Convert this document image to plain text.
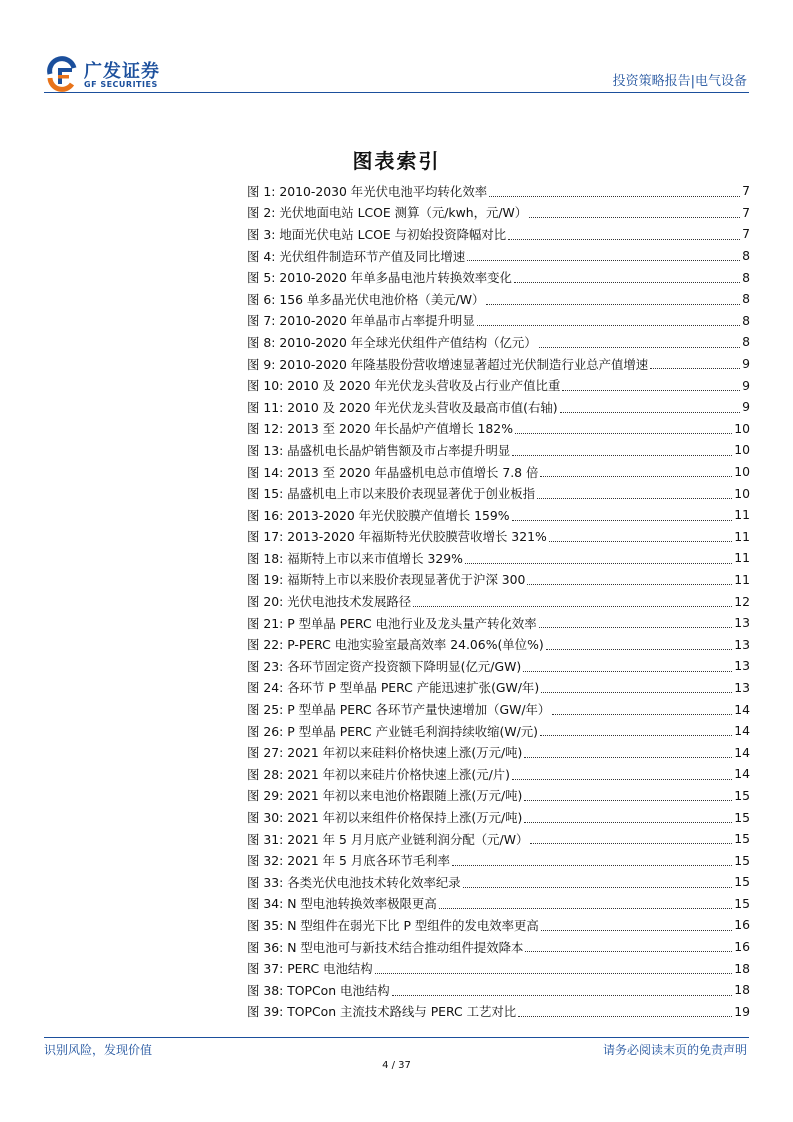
广发证券
GF SECURITIES	投资策略报告|电气设备
图表索引
图 1: 2010-2030 年光伏电池平均转化效率	7
图 2: 光伏地面电站 LCOE 测算（元/kwh，元/W）	7
图 3: 地面光伏电站 LCOE 与初始投资降幅对比	7
图 4: 光伏组件制造环节产值及同比增速	8
图 5: 2010-2020 年单多晶电池片转换效率变化	8
图 6: 156 单多晶光伏电池价格（美元/W）	8
图 7: 2010-2020 年单晶市占率提升明显	8
图 8: 2010-2020 年全球光伏组件产值结构（亿元）	8
图 9: 2010-2020 年隆基股份营收增速显著超过光伏制造行业总产值增速	9
图 10: 2010 及 2020 年光伏龙头营收及占行业产值比重	9
图 11: 2010 及 2020 年光伏龙头营收及最高市值(右轴)	9
图 12: 2013 至 2020 年长晶炉产值增长 182%	10
图 13: 晶盛机电长晶炉销售额及市占率提升明显	10
图 14: 2013 至 2020 年晶盛机电总市值增长 7.8 倍	10
图 15: 晶盛机电上市以来股价表现显著优于创业板指	10
图 16: 2013-2020 年光伏胶膜产值增长 159%	11
图 17: 2013-2020 年福斯特光伏胶膜营收增长 321%	11
图 18: 福斯特上市以来市值增长 329%	11
图 19: 福斯特上市以来股价表现显著优于沪深 300	11
图 20: 光伏电池技术发展路径	12
图 21: P 型单晶 PERC 电池行业及龙头量产转化效率	13
图 22: P-PERC 电池实验室最高效率 24.06%(单位%)	13
图 23: 各环节固定资产投资额下降明显(亿元/GW)	13
图 24: 各环节 P 型单晶 PERC 产能迅速扩张(GW/年)	13
图 25: P 型单晶 PERC 各环节产量快速增加（GW/年）	14
图 26: P 型单晶 PERC 产业链毛利润持续收缩(W/元)	14
图 27: 2021 年初以来硅料价格快速上涨(万元/吨)	14
图 28: 2021 年初以来硅片价格快速上涨(元/片)	14
图 29: 2021 年初以来电池价格跟随上涨(万元/吨)	15
图 30: 2021 年初以来组件价格保持上涨(万元/吨)	15
图 31: 2021 年 5 月月底产业链利润分配（元/W）	15
图 32: 2021 年 5 月底各环节毛利率	15
图 33: 各类光伏电池技术转化效率纪录	15
图 34: N 型电池转换效率极限更高	15
图 35: N 型组件在弱光下比 P 型组件的发电效率更高	16
图 36: N 型电池可与新技术结合推动组件提效降本	16
图 37: PERC 电池结构	18
图 38: TOPCon 电池结构	18
图 39: TOPCon 主流技术路线与 PERC 工艺对比	19
识别风险，发现价值	请务必阅读末页的免责声明
4 / 37
